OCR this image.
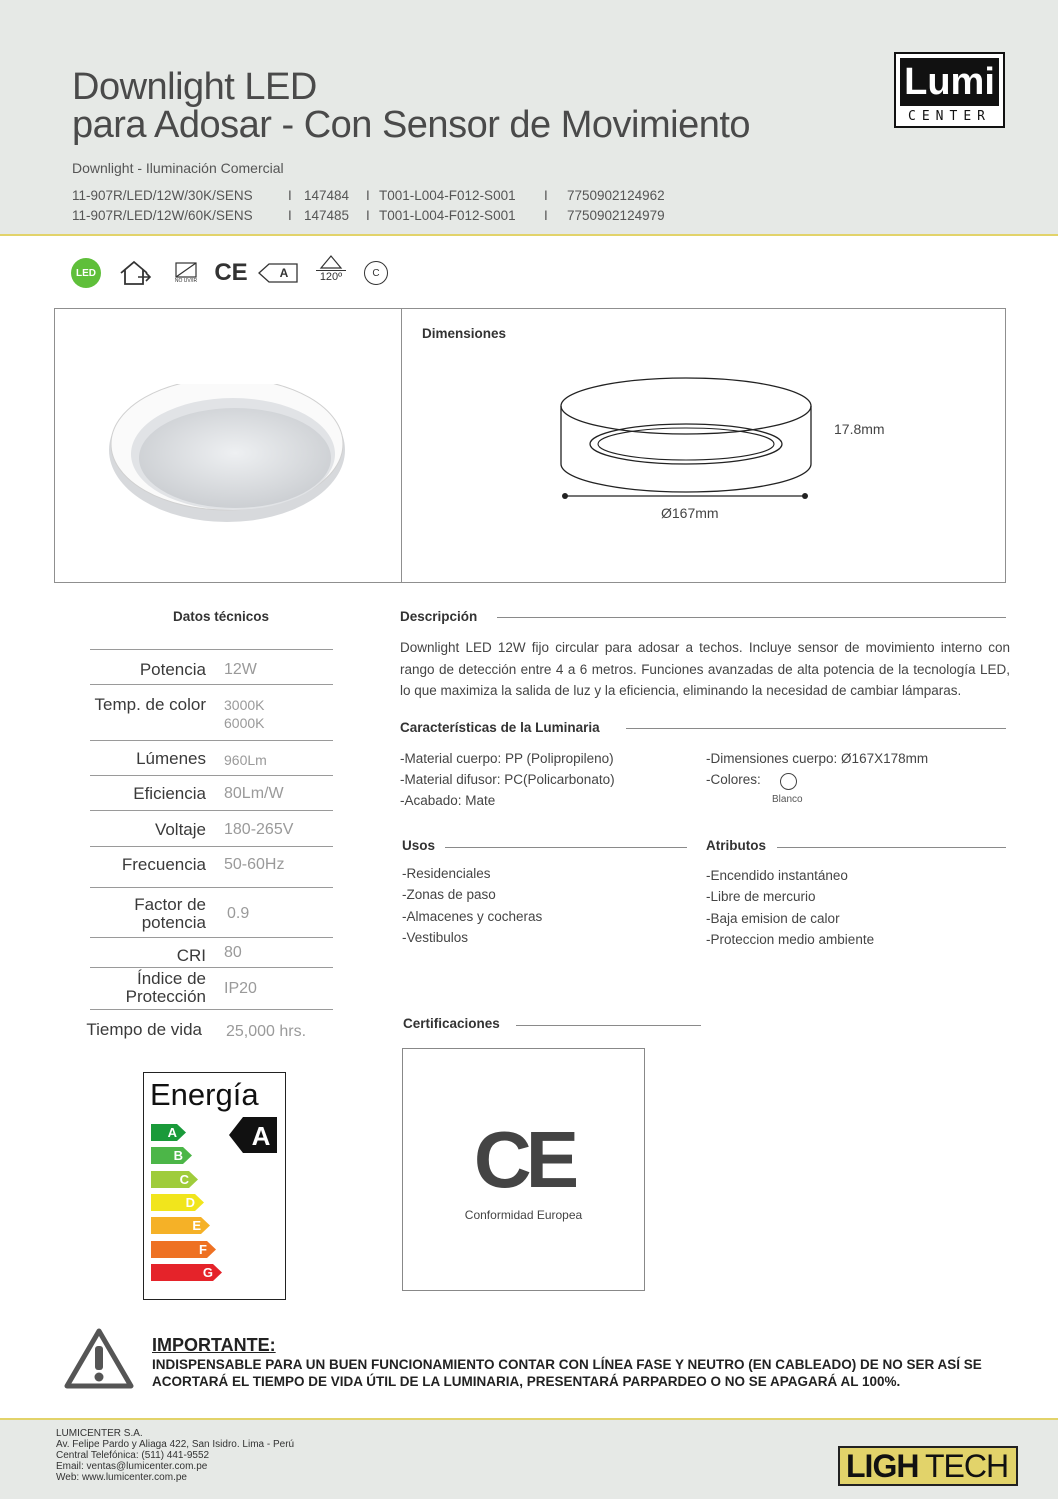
Downlight LED
para Adosar - Con Sensor de Movimiento
Downlight - Iluminación Comercial
11-907R/LED/12W/30K/SENS	I 147484 I T001-L004-F012-S001 I 7750902124962
11-907R/LED/12W/60K/SENS	I 147485 I T001-L004-F012-S001 I 7750902124979
Lumi
CENTER
LED
NO UV/IR CE	A	120º	C
Dimensiones
17.8mm
Ø167mm
Datos técnicos
Potencia 12W
Temp. de color 3000K
6000K
Lúmenes 960Lm
Eficiencia 80Lm/W
Voltaje 180-265V
Frecuencia 50-60Hz
Factor de
potencia 0.9
CRI 80
Índice de
Protección IP20
Tiempo de vida 25,000 hrs.
Descripción
Downlight LED 12W fijo circular para adosar a techos. Incluye sensor de movimiento interno con rango de detección entre 4 a 6 metros. Funciones avanzadas de alta potencia de la tecnología LED, lo que maximiza la salida de luz y la eficiencia, eliminando la necesidad de cambiar lámparas.
Características de la Luminaria
-Material cuerpo: PP (Polipropileno)
-Material difusor: PC(Policarbonato)
-Acabado: Mate
-Dimensiones cuerpo: Ø167X178mm
-Colores:
Blanco
Usos
-Residenciales
-Zonas de paso
-Almacenes y cocheras
-Vestibulos
Atributos
-Encendido instantáneo
-Libre de mercurio
-Baja emision de calor
-Proteccion medio ambiente
Certificaciones
CE
Conformidad Europea
Energía
A
B
C
D
E
F
G
A
IMPORTANTE:
INDISPENSABLE PARA UN BUEN FUNCIONAMIENTO CONTAR CON LÍNEA FASE Y NEUTRO (EN CABLEADO) DE NO SER ASÍ SE ACORTARÁ EL TIEMPO DE VIDA ÚTIL DE LA LUMINARIA, PRESENTARÁ PARPARDEO O NO SE APAGARÁ AL 100%.
LUMICENTER S.A.
Av. Felipe Pardo y Aliaga 422, San Isidro. Lima - Perú
Central Telefónica: (511) 441-9552
Email: ventas@lumicenter.com.pe
Web: www.lumicenter.com.pe	LIGH TECH
